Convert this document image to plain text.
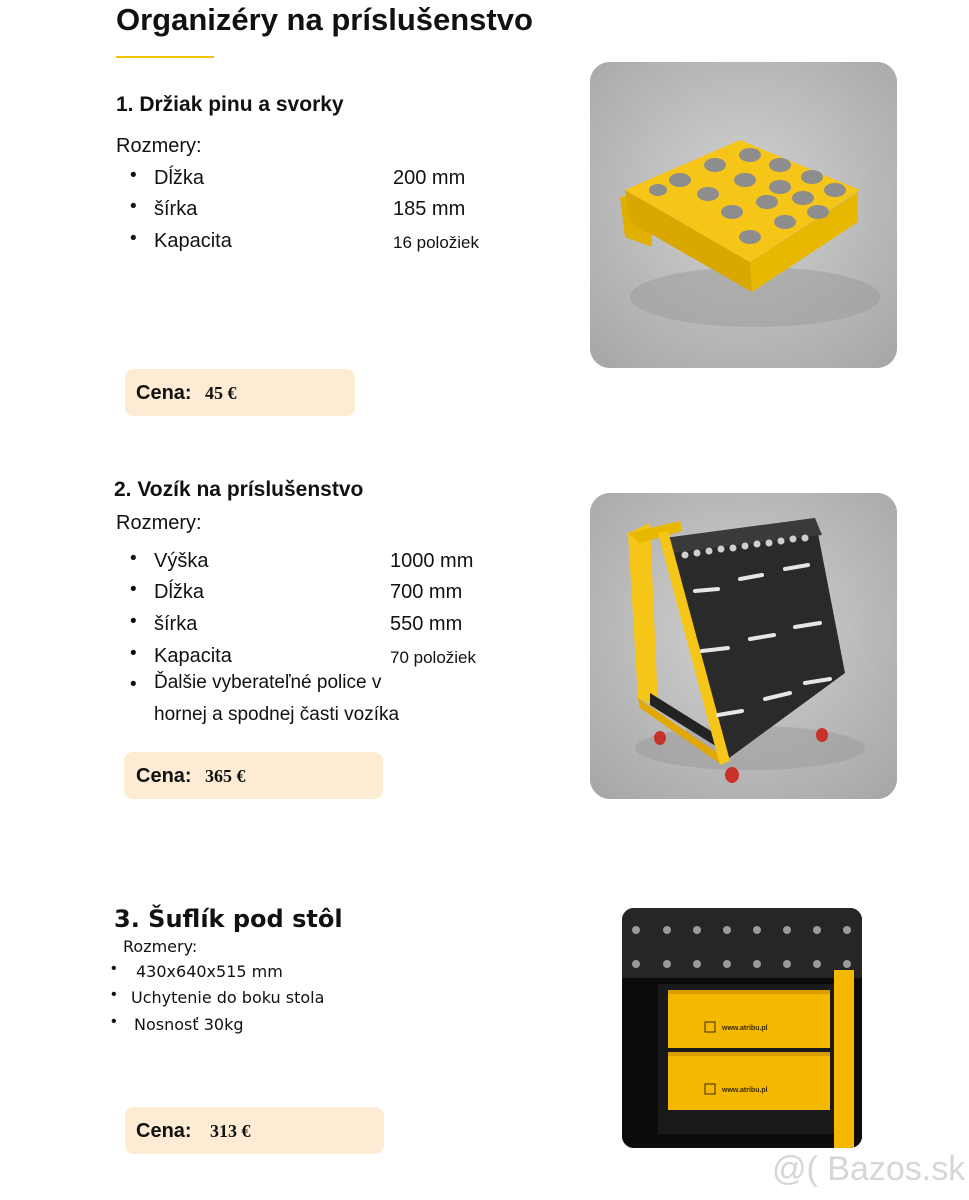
Organizéry na príslušenstvo
1. Držiak pinu a svorky
Rozmery:
• Dĺžka	200 mm
• šírka	185 mm
• Kapacita	16 položiek
Cena: 45 €
2. Vozík na príslušenstvo
Rozmery:
• Výška	1000 mm
• Dĺžka	700 mm
• šírka	550 mm
• Kapacita	70 položiek
• Ďalšie vyberateľné police v
hornej a spodnej časti vozíka
Cena: 365 €
3. Šuflík pod stôl
Rozmery:
• 430x640x515 mm
• Uchytenie do boku stola
• Nosnosť 30kg
Cena: 313 €
www.atribu.pl
www.atribu.pl
@( Bazos.sk
